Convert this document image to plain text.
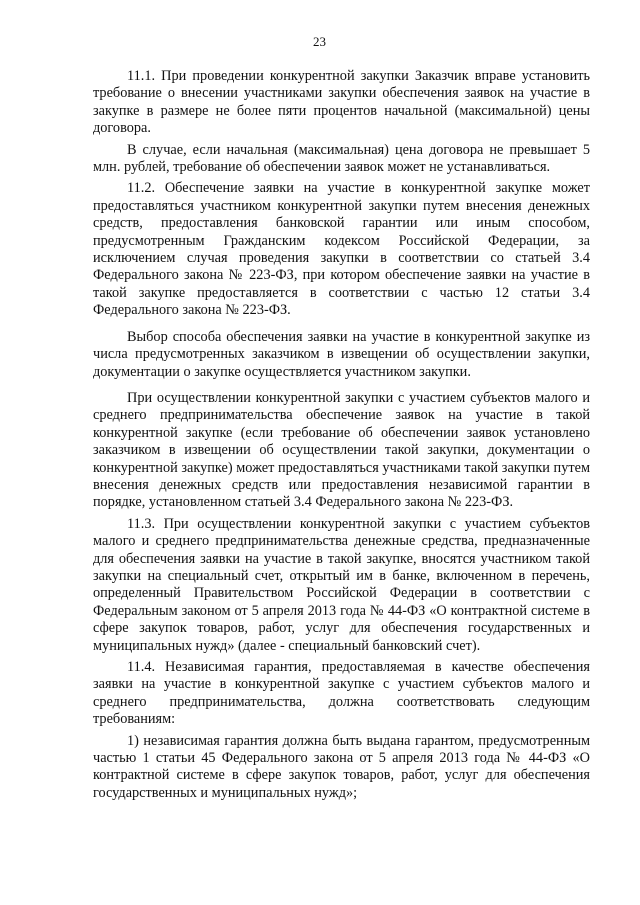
23

11.1. При проведении конкурентной закупки Заказчик вправе установить требование о внесении участниками закупки обеспечения заявок на участие в закупке в размере не более пяти процентов начальной (максимальной) цены договора.

В случае, если начальная (максимальная) цена договора не превышает 5 млн. рублей, требование об обеспечении заявок может не устанавливаться.

11.2. Обеспечение заявки на участие в конкурентной закупке может предоставляться участником конкурентной закупки путем внесения денежных средств, предоставления банковской гарантии или иным способом, предусмотренным Гражданским кодексом Российской Федерации, за исключением случая проведения закупки в соответствии со статьей 3.4 Федерального закона № 223-ФЗ, при котором обеспечение заявки на участие в такой закупке предоставляется в соответствии с частью 12 статьи 3.4 Федерального закона № 223-ФЗ.

Выбор способа обеспечения заявки на участие в конкурентной закупке из числа предусмотренных заказчиком в извещении об осуществлении закупки, документации о закупке осуществляется участником закупки.

При осуществлении конкурентной закупки с участием субъектов малого и среднего предпринимательства обеспечение заявок на участие в такой конкурентной закупке (если требование об обеспечении заявок установлено заказчиком в извещении об осуществлении такой закупки, документации о конкурентной закупке) может предоставляться участниками такой закупки путем внесения денежных средств или предоставления независимой гарантии в порядке, установленном статьей 3.4 Федерального закона № 223-ФЗ.

11.3. При осуществлении конкурентной закупки с участием субъектов малого и среднего предпринимательства денежные средства, предназначенные для обеспечения заявки на участие в такой закупке, вносятся участником такой закупки на специальный счет, открытый им в банке, включенном в перечень, определенный Правительством Российской Федерации в соответствии с Федеральным законом от 5 апреля 2013 года № 44-ФЗ «О контрактной системе в сфере закупок товаров, работ, услуг для обеспечения государственных и муниципальных нужд» (далее - специальный банковский счет).

11.4. Независимая гарантия, предоставляемая в качестве обеспечения заявки на участие в конкурентной закупке с участием субъектов малого и среднего предпринимательства, должна соответствовать следующим требованиям:

1) независимая гарантия должна быть выдана гарантом, предусмотренным частью 1 статьи 45 Федерального закона от 5 апреля 2013 года № 44-ФЗ «О контрактной системе в сфере закупок товаров, работ, услуг для обеспечения государственных и муниципальных нужд»;
